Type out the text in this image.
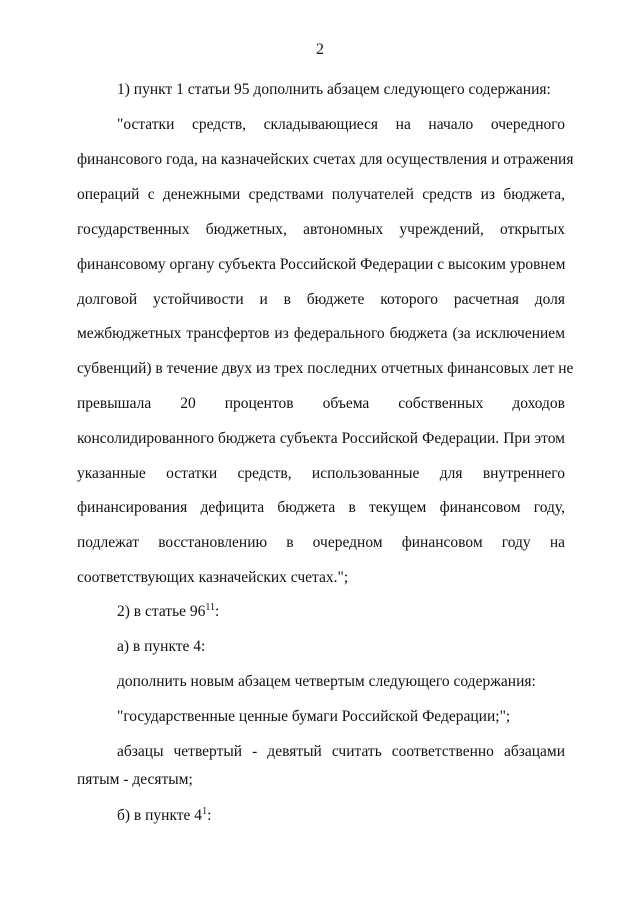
2
1) пункт 1 статьи 95 дополнить абзацем следующего содержания:
"остатки средств, складывающиеся на начало очередного
финансового года, на казначейских счетах для осуществления и отражения
операций с денежными средствами получателей средств из бюджета,
государственных бюджетных, автономных учреждений, открытых
финансовому органу субъекта Российской Федерации с высоким уровнем
долговой устойчивости и в бюджете которого расчетная доля
межбюджетных трансфертов из федерального бюджета (за исключением
субвенций) в течение двух из трех последних отчетных финансовых лет не
превышала 20 процентов объема собственных доходов
консолидированного бюджета субъекта Российской Федерации. При этом
указанные остатки средств, использованные для внутреннего
финансирования дефицита бюджета в текущем финансовом году,
подлежат восстановлению в очередном финансовом году на
соответствующих казначейских счетах.";
2) в статье $96^{11}$:
a) в пункте 4:
дополнить новым абзацем четвертым следующего содержания:
"государственные ценные бумаги Российской Федерации;";
абзацы четвертый - девятый считать соответственно абзацами
пятым - десятым;
б) в пункте $4^1$:
